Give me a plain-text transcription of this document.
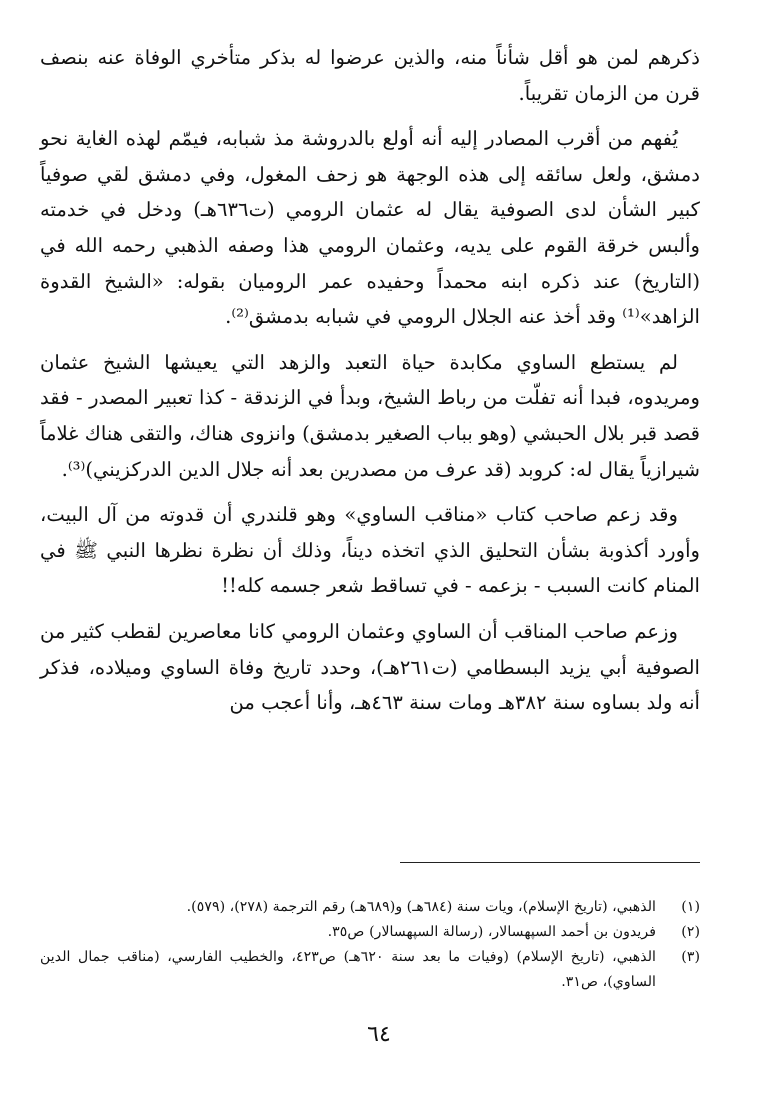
ذكرهم لمن هو أقل شأناً منه، والذين عرضوا له بذكر متأخري الوفاة عنه بنصف قرن من الزمان تقريباً.

يُفهم من أقرب المصادر إليه أنه أولع بالدروشة مذ شبابه، فيمّم لهذه الغاية نحو دمشق، ولعل سائقه إلى هذه الوجهة هو زحف المغول، وفي دمشق لقي صوفياً كبير الشأن لدى الصوفية يقال له عثمان الرومي (ت٦٣٦هـ) ودخل في خدمته وألبس خرقة القوم على يديه، وعثمان الرومي هذا وصفه الذهبي رحمه الله في (التاريخ) عند ذكره ابنه محمداً وحفيده عمر الروميان بقوله: «الشيخ القدوة الزاهد»⁽¹⁾ وقد أخذ عنه الجلال الرومي في شبابه بدمشق⁽²⁾.

لم يستطع الساوي مكابدة حياة التعبد والزهد التي يعيشها الشيخ عثمان ومريدوه، فبدا أنه تفلّت من رباط الشيخ، وبدأ في الزندقة - كذا تعبير المصدر - فقد قصد قبر بلال الحبشي (وهو بباب الصغير بدمشق) وانزوى هناك، والتقى هناك غلاماً شيرازياً يقال له: كروبد (قد عرف من مصدرين بعد أنه جلال الدين الدركزيني)⁽³⁾.

وقد زعم صاحب كتاب «مناقب الساوي» وهو قلندري أن قدوته من آل البيت، وأورد أكذوبة بشأن التحليق الذي اتخذه ديناً، وذلك أن نظرة نظرها النبي ﷺ في المنام كانت السبب - بزعمه - في تساقط شعر جسمه كله!!

وزعم صاحب المناقب أن الساوي وعثمان الرومي كانا معاصرين لقطب كثير من الصوفية أبي يزيد البسطامي (ت٢٦١هـ)، وحدد تاريخ وفاة الساوي وميلاده، فذكر أنه ولد بساوه سنة ٣٨٢هـ ومات سنة ٤٦٣هـ، وأنا أعجب من

(١)
الذهبي، (تاريخ الإسلام)، ويات سنة (٦٨٤هـ) و(٦٨٩هـ) رقم الترجمة (٢٧٨)، (٥٧٩).
(٢)
فريدون بن أحمد السپهسالار، (رسالة السپهسالار) ص٣٥.
(٣)
الذهبي، (تاريخ الإسلام) (وفيات ما بعد سنة ٦٢٠هـ) ص٤٢٣، والخطيب الفارسي، (مناقب جمال الدين الساوي)، ص٣١.
٦٤
